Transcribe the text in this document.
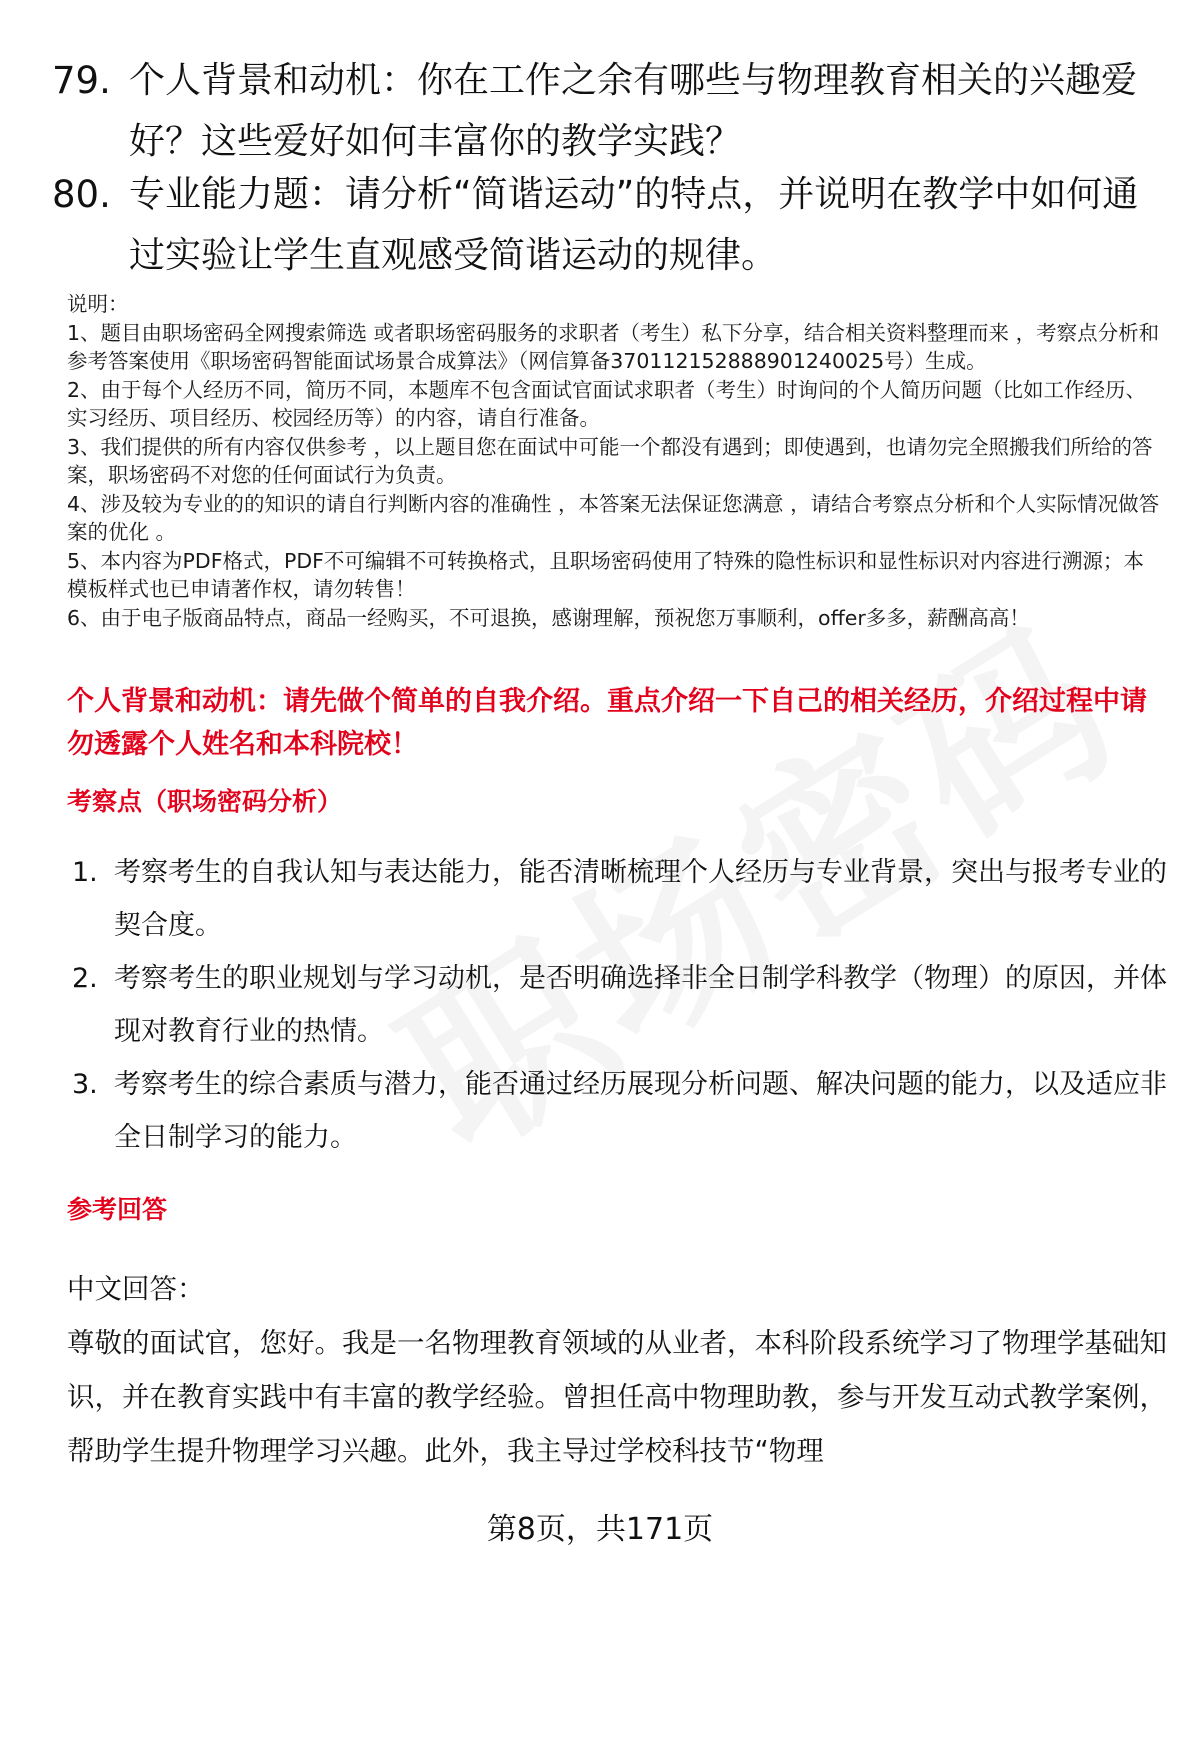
79. 个人背景和动机：你在工作之余有哪些与物理教育相关的兴趣爱好？这些爱好如何丰富你的教学实践？
80. 专业能力题：请分析“简谐运动”的特点，并说明在教学中如何通过实验让学生直观感受简谐运动的规律。

说明：

1、题目由职场密码全网搜索筛选 或者职场密码服务的求职者（考生）私下分享，结合相关资料整理而来 ，考察点分析和参考答案使用《职场密码智能面试场景合成算法》（网信算备370112152888901240025号）生成。

2、由于每个人经历不同，简历不同，本题库不包含面试官面试求职者（考生）时询问的个人简历问题（比如工作经历、实习经历、项目经历、校园经历等）的内容，请自行准备。

3、我们提供的所有内容仅供参考 ，以上题目您在面试中可能一个都没有遇到；即使遇到，也请勿完全照搬我们所给的答案，职场密码不对您的任何面试行为负责。

4、涉及较为专业的的知识的请自行判断内容的准确性 ，本答案无法保证您满意 ，请结合考察点分析和个人实际情况做答案的优化 。

5、本内容为PDF格式，PDF不可编辑不可转换格式，且职场密码使用了特殊的隐性标识和显性标识对内容进行溯源；本模板样式也已申请著作权，请勿转售！

6、由于电子版商品特点，商品一经购买，不可退换，感谢理解，预祝您万事顺利，offer多多，薪酬高高！

个人背景和动机：请先做个简单的自我介绍。重点介绍一下自己的相关经历，介绍过程中请勿透露个人姓名和本科院校！
考察点（职场密码分析）
1. 考察考生的自我认知与表达能力，能否清晰梳理个人经历与专业背景，突出与报考专业的契合度。
2. 考察考生的职业规划与学习动机，是否明确选择非全日制学科教学（物理）的原因，并体现对教育行业的热情。
3. 考察考生的综合素质与潜力，能否通过经历展现分析问题、解决问题的能力，以及适应非全日制学习的能力。
参考回答

中文回答：

尊敬的面试官，您好。我是一名物理教育领域的从业者，本科阶段系统学习了物理学基础知识，并在教育实践中有丰富的教学经验。曾担任高中物理助教，参与开发互动式教学案例，帮助学生提升物理学习兴趣。此外，我主导过学校科技节“物理

第8页，共171页
